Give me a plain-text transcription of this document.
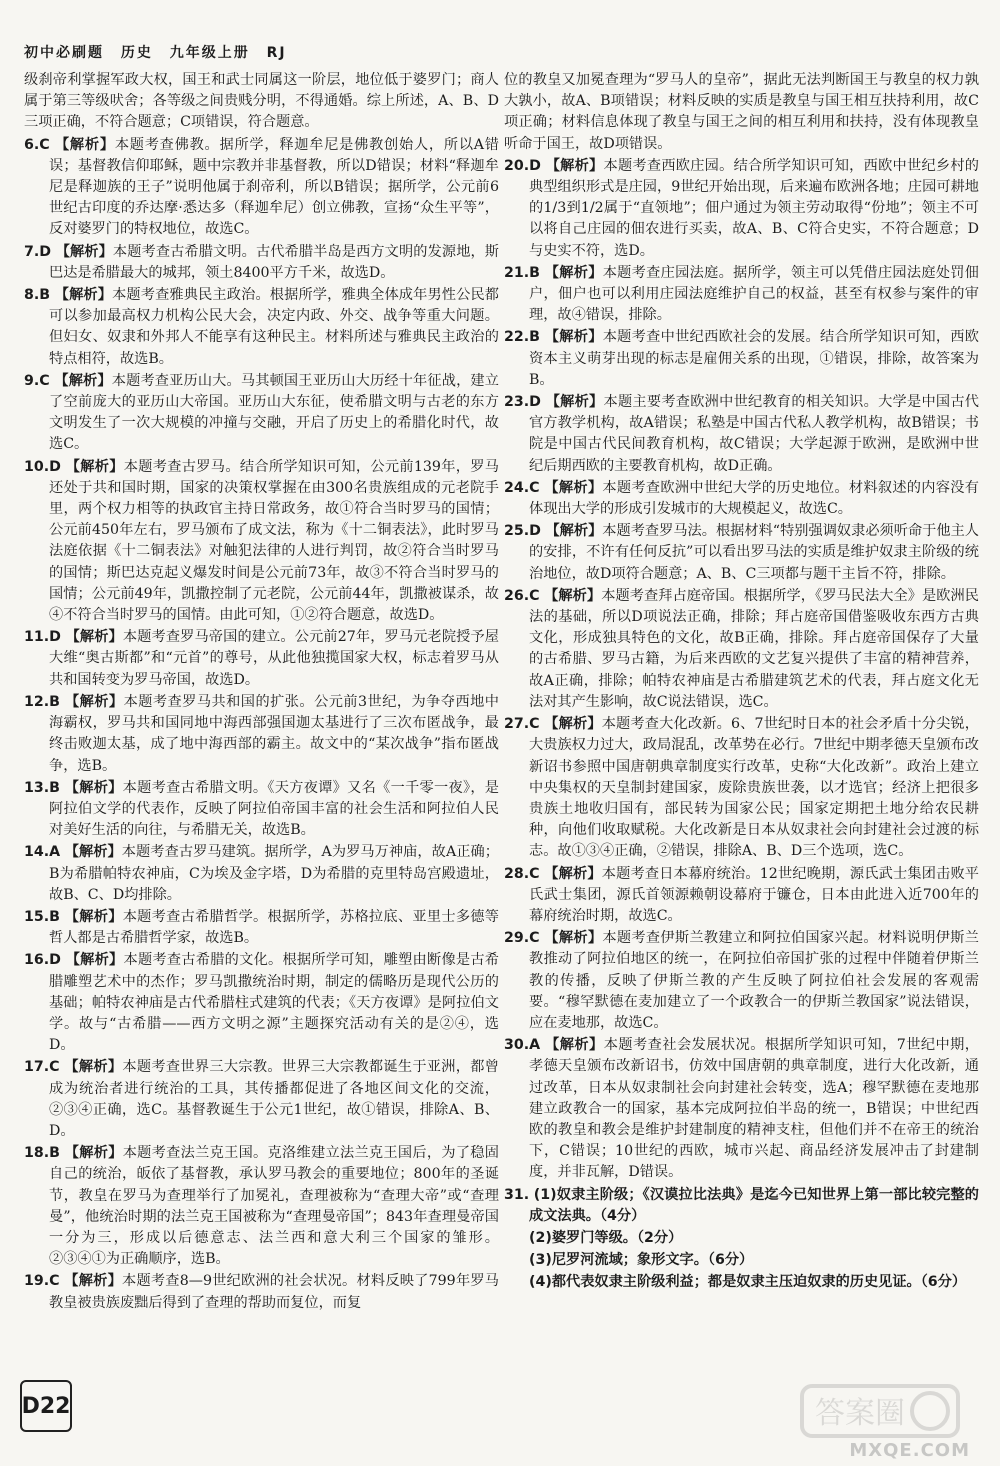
初中必刷题 历史 九年级上册 RJ

级刹帝利掌握军政大权，国王和武士同属这一阶层，地位低于婆罗门；商人属于第三等级吠舍；各等级之间贵贱分明，不得通婚。综上所述，A、B、D三项正确，不符合题意；C项错误，符合题意。

6.C 【解析】本题考查佛教。据所学，释迦牟尼是佛教创始人，所以A错误；基督教信仰耶稣，题中宗教并非基督教，所以D错误；材料“释迦牟尼是释迦族的王子”说明他属于刹帝利，所以B错误；据所学，公元前6世纪古印度的乔达摩·悉达多（释迦牟尼）创立佛教，宣扬“众生平等”，反对婆罗门的特权地位，故选C。

7.D 【解析】本题考查古希腊文明。古代希腊半岛是西方文明的发源地，斯巴达是希腊最大的城邦，领土8400平方千米，故选D。

8.B 【解析】本题考查雅典民主政治。根据所学，雅典全体成年男性公民都可以参加最高权力机构公民大会，决定内政、外交、战争等重大问题。但妇女、奴隶和外邦人不能享有这种民主。材料所述与雅典民主政治的特点相符，故选B。

9.C 【解析】本题考查亚历山大。马其顿国王亚历山大历经十年征战，建立了空前庞大的亚历山大帝国。亚历山大东征，使希腊文明与古老的东方文明发生了一次大规模的冲撞与交融，开启了历史上的希腊化时代，故选C。

10.D 【解析】本题考查古罗马。结合所学知识可知，公元前139年，罗马还处于共和国时期，国家的决策权掌握在由300名贵族组成的元老院手里，两个权力相等的执政官主持日常政务，故①符合当时罗马的国情；公元前450年左右，罗马颁布了成文法，称为《十二铜表法》，此时罗马法庭依据《十二铜表法》对触犯法律的人进行判罚，故②符合当时罗马的国情；斯巴达克起义爆发时间是公元前73年，故③不符合当时罗马的国情；公元前49年，凯撒控制了元老院，公元前44年，凯撒被谋杀，故④不符合当时罗马的国情。由此可知，①②符合题意，故选D。

11.D 【解析】本题考查罗马帝国的建立。公元前27年，罗马元老院授予屋大维“奥古斯都”和“元首”的尊号，从此他独揽国家大权，标志着罗马从共和国转变为罗马帝国，故选D。

12.B 【解析】本题考查罗马共和国的扩张。公元前3世纪，为争夺西地中海霸权，罗马共和国同地中海西部强国迦太基进行了三次布匿战争，最终击败迦太基，成了地中海西部的霸主。故文中的“某次战争”指布匿战争，选B。

13.B 【解析】本题考查古希腊文明。《天方夜谭》又名《一千零一夜》，是阿拉伯文学的代表作，反映了阿拉伯帝国丰富的社会生活和阿拉伯人民对美好生活的向往，与希腊无关，故选B。

14.A 【解析】本题考查古罗马建筑。据所学，A为罗马万神庙，故A正确；B为希腊帕特农神庙，C为埃及金字塔，D为希腊的克里特岛宫殿遗址，故B、C、D均排除。

15.B 【解析】本题考查古希腊哲学。根据所学，苏格拉底、亚里士多德等哲人都是古希腊哲学家，故选B。

16.D 【解析】本题考查古希腊的文化。根据所学可知，雕塑由断像是古希腊雕塑艺术中的杰作；罗马凯撒统治时期，制定的儒略历是现代公历的基础；帕特农神庙是古代希腊柱式建筑的代表；《天方夜谭》是阿拉伯文学。故与“古希腊——西方文明之源”主题探究活动有关的是②④，选D。

17.C 【解析】本题考查世界三大宗教。世界三大宗教都诞生于亚洲，都曾成为统治者进行统治的工具，其传播都促进了各地区间文化的交流，②③④正确，选C。基督教诞生于公元1世纪，故①错误，排除A、B、D。

18.B 【解析】本题考查法兰克王国。克洛维建立法兰克王国后，为了稳固自己的统治，皈依了基督教，承认罗马教会的重要地位；800年的圣诞节，教皇在罗马为查理举行了加冕礼，查理被称为“查理大帝”或“查理曼”，他统治时期的法兰克王国被称为“查理曼帝国”；843年查理曼帝国一分为三，形成以后德意志、法兰西和意大利三个国家的雏形。②③④①为正确顺序，选B。

19.C 【解析】本题考查8—9世纪欧洲的社会状况。材料反映了799年罗马教皇被贵族废黜后得到了查理的帮助而复位，而复

位的教皇又加冕查理为“罗马人的皇帝”，据此无法判断国王与教皇的权力孰大孰小，故A、B项错误；材料反映的实质是教皇与国王相互扶持利用，故C项正确；材料信息体现了教皇与国王之间的相互利用和扶持，没有体现教皇听命于国王，故D项错误。

20.D 【解析】本题考查西欧庄园。结合所学知识可知，西欧中世纪乡村的典型组织形式是庄园，9世纪开始出现，后来遍布欧洲各地；庄园可耕地的1/3到1/2属于“直领地”；佃户通过为领主劳动取得“份地”；领主不可以将自己庄园的佃农进行买卖，故A、B、C符合史实，不符合题意；D与史实不符，选D。

21.B 【解析】本题考查庄园法庭。据所学，领主可以凭借庄园法庭处罚佃户，佃户也可以利用庄园法庭维护自己的权益，甚至有权参与案件的审理，故④错误，排除。

22.B 【解析】本题考查中世纪西欧社会的发展。结合所学知识可知，西欧资本主义萌芽出现的标志是雇佣关系的出现，①错误，排除，故答案为B。

23.D 【解析】本题主要考查欧洲中世纪教育的相关知识。大学是中国古代官方教学机构，故A错误；私塾是中国古代私人教学机构，故B错误；书院是中国古代民间教育机构，故C错误；大学起源于欧洲，是欧洲中世纪后期西欧的主要教育机构，故D正确。

24.C 【解析】本题考查欧洲中世纪大学的历史地位。材料叙述的内容没有体现出大学的形成引发城市的大规模起义，故选C。

25.D 【解析】本题考查罗马法。根据材料“特别强调奴隶必须听命于他主人的安排，不许有任何反抗”可以看出罗马法的实质是维护奴隶主阶级的统治地位，故D项符合题意；A、B、C三项都与题干主旨不符，排除。

26.C 【解析】本题考查拜占庭帝国。根据所学，《罗马民法大全》是欧洲民法的基础，所以D项说法正确，排除；拜占庭帝国借鉴吸收东西方古典文化，形成独具特色的文化，故B正确，排除。拜占庭帝国保存了大量的古希腊、罗马古籍，为后来西欧的文艺复兴提供了丰富的精神营养，故A正确，排除；帕特农神庙是古希腊建筑艺术的代表，拜占庭文化无法对其产生影响，故C说法错误，选C。

27.C 【解析】本题考查大化改新。6、7世纪时日本的社会矛盾十分尖锐，大贵族权力过大，政局混乱，改革势在必行。7世纪中期孝德天皇颁布改新诏书参照中国唐朝典章制度实行改革，史称“大化改新”。政治上建立中央集权的天皇制封建国家，废除贵族世袭，以才选官；经济上把很多贵族土地收归国有，部民转为国家公民；国家定期把土地分给农民耕种，向他们收取赋税。大化改新是日本从奴隶社会向封建社会过渡的标志。故①③④正确，②错误，排除A、B、D三个选项，选C。

28.C 【解析】本题考查日本幕府统治。12世纪晚期，源氏武士集团击败平氏武士集团，源氏首领源赖朝设幕府于镰仓，日本由此进入近700年的幕府统治时期，故选C。

29.C 【解析】本题考查伊斯兰教建立和阿拉伯国家兴起。材料说明伊斯兰教推动了阿拉伯地区的统一，在阿拉伯帝国扩张的过程中伴随着伊斯兰教的传播，反映了伊斯兰教的产生反映了阿拉伯社会发展的客观需要。“穆罕默德在麦加建立了一个政教合一的伊斯兰教国家”说法错误，应在麦地那，故选C。

30.A 【解析】本题考查社会发展状况。根据所学知识可知，7世纪中期，孝德天皇颁布改新诏书，仿效中国唐朝的典章制度，进行大化改新，通过改革，日本从奴隶制社会向封建社会转变，选A；穆罕默德在麦地那建立政教合一的国家，基本完成阿拉伯半岛的统一，B错误；中世纪西欧的教皇和教会是维护封建制度的精神支柱，但他们并不在帝王的统治下，C错误；10世纪的西欧，城市兴起、商品经济发展冲击了封建制度，并非瓦解，D错误。

31. (1)奴隶主阶级；《汉谟拉比法典》是迄今已知世界上第一部比较完整的成文法典。（4分）

(2)婆罗门等级。（2分）

(3)尼罗河流域；象形文字。（6分）

(4)都代表奴隶主阶级利益；都是奴隶主压迫奴隶的历史见证。（6分）

D22	答案圈
MXQE.COM
